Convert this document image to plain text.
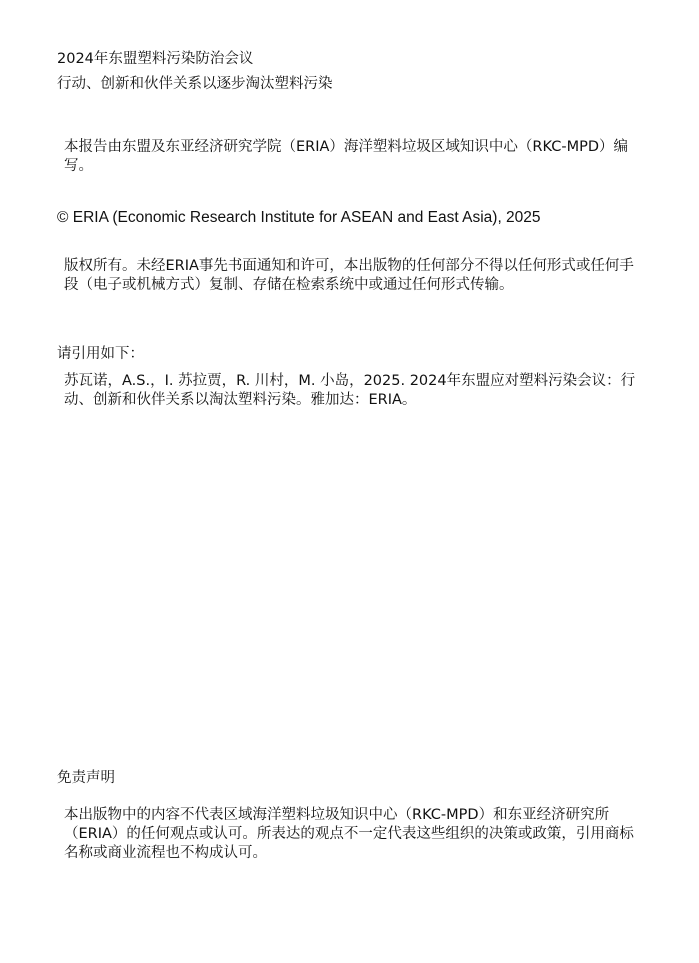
2024年东盟塑料污染防治会议
行动、创新和伙伴关系以逐步淘汰塑料污染

本报告由东盟及东亚经济研究学院（ERIA）海洋塑料垃圾区域知识中心（RKC-MPD）编写。

© ERIA (Economic Research Institute for ASEAN and East Asia), 2025

版权所有。未经ERIA事先书面通知和许可，本出版物的任何部分不得以任何形式或任何手段（电子或机械方式）复制、存储在检索系统中或通过任何形式传输。

请引用如下：

苏瓦诺，A.S.，I. 苏拉贾，R. 川村，M. 小岛，2025. 2024年东盟应对塑料污染会议：行动、创新和伙伴关系以淘汰塑料污染。雅加达：ERIA。

免责声明

本出版物中的内容不代表区域海洋塑料垃圾知识中心（RKC-MPD）和东亚经济研究所（ERIA）的任何观点或认可。所表达的观点不一定代表这些组织的决策或政策，引用商标名称或商业流程也不构成认可。
